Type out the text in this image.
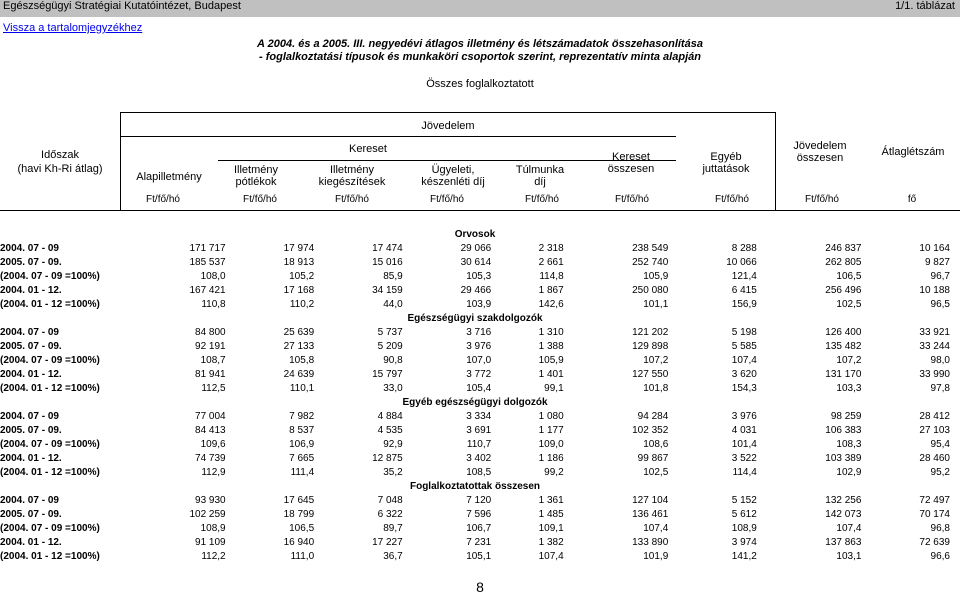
Egészségügyi Stratégiai Kutatóintézet, Budapest	1/1. táblázat
Vissza a tartalomjegyzékhez
A 2004. és a 2005. III. negyedévi átlagos illetmény és létszámadatok összehasonlítása
- foglalkoztatási típusok és munkaköri csoportok szerint, reprezentatív minta alapján
Összes foglalkoztatott
Időszak
(havi Kh-Ri átlag)
Jövedelem
Kereset
Alapilletmény
Illetmény
pótlékok
Illetmény
kiegészítések
Ügyeleti,
készenléti díj
Túlmunka
díj
Kereset
összesen
Egyéb
juttatások
Jövedelem
összesen	Átlaglétszám
Ft/fő/hó	Ft/fő/hó	Ft/fő/hó	Ft/fő/hó	Ft/fő/hó	Ft/fő/hó	Ft/fő/hó	Ft/fő/hó	fő
Orvosok									
2004. 07 - 09	171 717	17 974	17 474	29 066	2 318	238 549	8 288	246 837	10 164
2005. 07 - 09.	185 537	18 913	15 016	30 614	2 661	252 740	10 066	262 805	9 827
(2004. 07 - 09 =100%)	108,0	105,2	85,9	105,3	114,8	105,9	121,4	106,5	96,7
2004. 01 - 12.	167 421	17 168	34 159	29 466	1 867	250 080	6 415	256 496	10 188
(2004. 01 - 12 =100%)	110,8	110,2	44,0	103,9	142,6	101,1	156,9	102,5	96,5
Egészségügyi szakdolgozók									
2004. 07 - 09	84 800	25 639	5 737	3 716	1 310	121 202	5 198	126 400	33 921
2005. 07 - 09.	92 191	27 133	5 209	3 976	1 388	129 898	5 585	135 482	33 244
(2004. 07 - 09 =100%)	108,7	105,8	90,8	107,0	105,9	107,2	107,4	107,2	98,0
2004. 01 - 12.	81 941	24 639	15 797	3 772	1 401	127 550	3 620	131 170	33 990
(2004. 01 - 12 =100%)	112,5	110,1	33,0	105,4	99,1	101,8	154,3	103,3	97,8
Egyéb egészségügyi dolgozók									
2004. 07 - 09	77 004	7 982	4 884	3 334	1 080	94 284	3 976	98 259	28 412
2005. 07 - 09.	84 413	8 537	4 535	3 691	1 177	102 352	4 031	106 383	27 103
(2004. 07 - 09 =100%)	109,6	106,9	92,9	110,7	109,0	108,6	101,4	108,3	95,4
2004. 01 - 12.	74 739	7 665	12 875	3 402	1 186	99 867	3 522	103 389	28 460
(2004. 01 - 12 =100%)	112,9	111,4	35,2	108,5	99,2	102,5	114,4	102,9	95,2
Foglalkoztatottak összesen									
2004. 07 - 09	93 930	17 645	7 048	7 120	1 361	127 104	5 152	132 256	72 497
2005. 07 - 09.	102 259	18 799	6 322	7 596	1 485	136 461	5 612	142 073	70 174
(2004. 07 - 09 =100%)	108,9	106,5	89,7	106,7	109,1	107,4	108,9	107,4	96,8
2004. 01 - 12.	91 109	16 940	17 227	7 231	1 382	133 890	3 974	137 863	72 639
(2004. 01 - 12 =100%)	112,2	111,0	36,7	105,1	107,4	101,9	141,2	103,1	96,6
8
